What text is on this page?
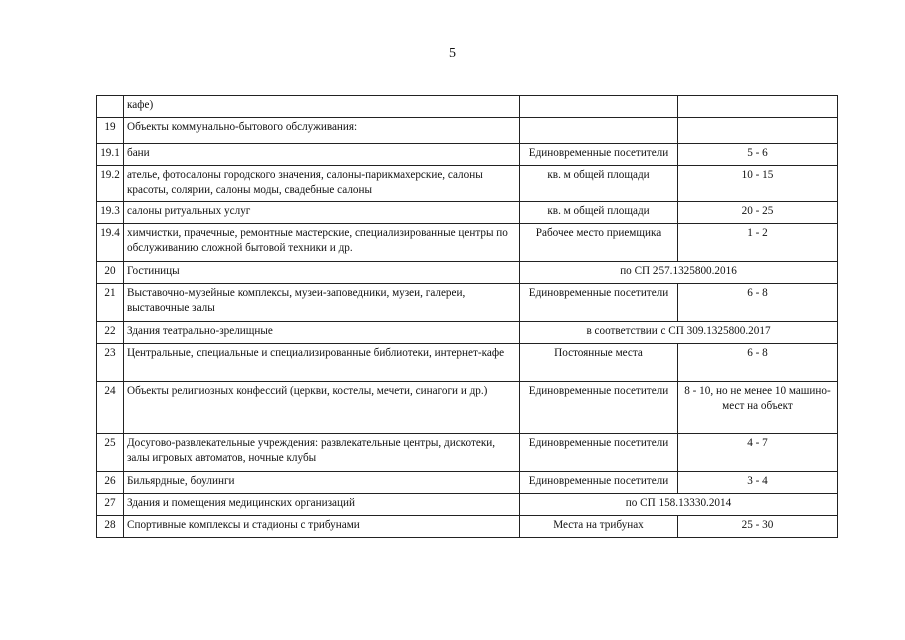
5
	кафе)		
19	Объекты коммунально-бытового обслуживания:		
19.1	бани	Единовременные посетители	5 - 6
19.2	ателье, фотосалоны городского значения, салоны-парикмахерские, салоны красоты, солярии, салоны моды, свадебные салоны	кв. м общей площади	10 - 15
19.3	салоны ритуальных услуг	кв. м общей площади	20 - 25
19.4	химчистки, прачечные, ремонтные мастерские, специализированные центры по обслуживанию сложной бытовой техники и др.	Рабочее место приемщика	1 - 2
20	Гостиницы	по СП 257.1325800.2016	
21	Выставочно-музейные комплексы, музеи-заповедники, музеи, галереи, выставочные залы	Единовременные посетители	6 - 8
22	Здания театрально-зрелищные	в соответствии с СП 309.1325800.2017	
23	Центральные, специальные и специализированные библиотеки, интернет-кафе	Постоянные места	6 - 8
24	Объекты религиозных конфессий (церкви, костелы, мечети, синагоги и др.)	Единовременные посетители	8 - 10, но не менее 10 машино-мест на объект
25	Досугово-развлекательные учреждения: развлекательные центры, дискотеки, залы игровых автоматов, ночные клубы	Единовременные посетители	4 - 7
26	Бильярдные, боулинги	Единовременные посетители	3 - 4
27	Здания и помещения медицинских организаций	по СП 158.13330.2014	
28	Спортивные комплексы и стадионы с трибунами	Места на трибунах	25 - 30
